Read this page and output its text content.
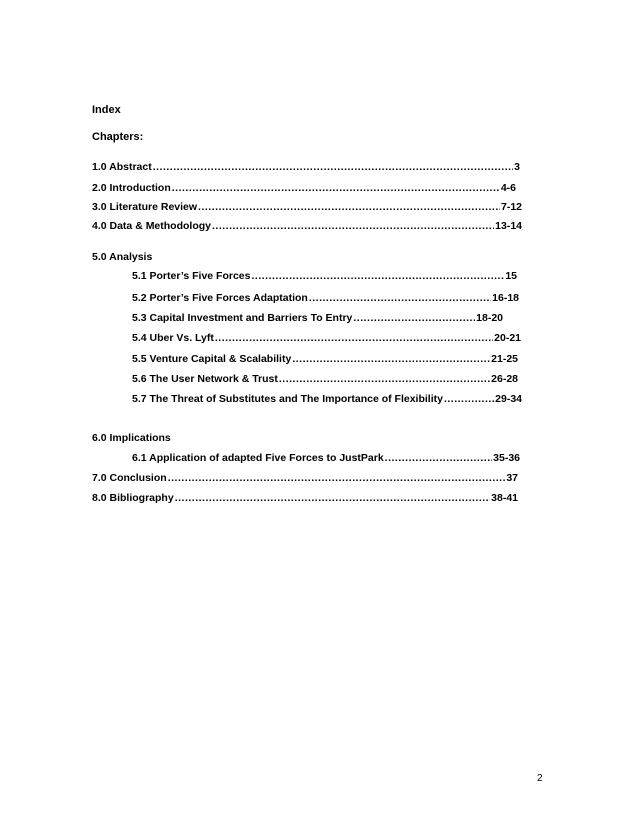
Index
Chapters:
1.0 Abstract .....	3
2.0 Introduction .....	4-6
3.0 Literature Review .....	7-12
4.0 Data & Methodology .....	13-14
5.0 Analysis
5.1 Porter’s Five Forces .....	15
5.2 Porter’s Five Forces Adaptation .....	16-18
5.3 Capital Investment and Barriers To Entry .....	18-20
5.4 Uber Vs. Lyft .....	20-21
5.5 Venture Capital & Scalability .....	21-25
5.6 The User Network & Trust .....	26-28
5.7 The Threat of Substitutes and The Importance of Flexibility .....	29-34
6.0 Implications
6.1 Application of adapted Five Forces to JustPark .....	35-36
7.0 Conclusion .....	37
8.0 Bibliography .....	38-41
2
